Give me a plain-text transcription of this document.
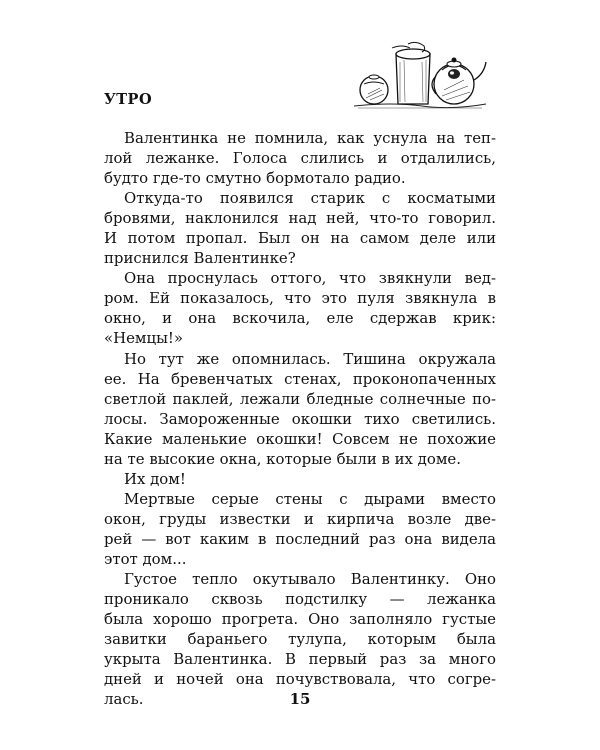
УТРО
Валентинка не помнила, как уснула на теп-
лой лежанке. Голоса слились и отдалились,
будто где-то смутно бормотало радио.
Откуда-то появился старик с косматыми
бровями, наклонился над ней, что-то говорил.
И потом пропал. Был он на самом деле или
приснился Валентинке?
Она проснулась оттого, что звякнули вед-
ром. Ей показалось, что это пуля звякнула в
окно, и она вскочила, еле сдержав крик:
«Немцы!»
Но тут же опомнилась. Тишина окружала
ее. На бревенчатых стенах, проконопаченных
светлой паклей, лежали бледные солнечные по-
лосы. Замороженные окошки тихо светились.
Какие маленькие окошки! Совсем не похожие
на те высокие окна, которые были в их доме.
Их дом!
Мертвые серые стены с дырами вместо
окон, груды известки и кирпича возле две-
рей — вот каким в последний раз она видела
этот дом...
Густое тепло окутывало Валентинку. Оно
проникало сквозь подстилку — лежанка
была хорошо прогрета. Оно заполняло густые
завитки бараньего тулупа, которым была
укрыта Валентинка. В первый раз за много
дней и ночей она почувствовала, что согре-
лась.	15
